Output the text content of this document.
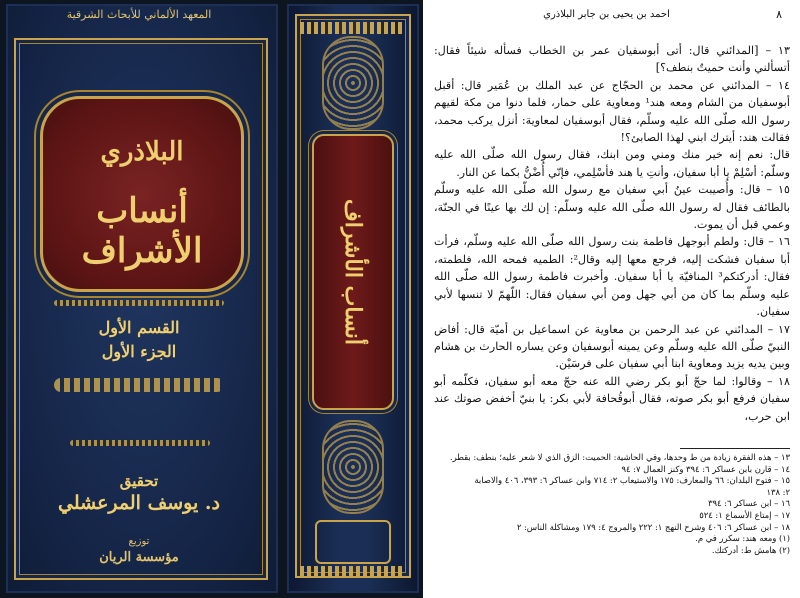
المعهد الألماني للأبحاث الشرقية
البلاذري
أنساب الأشراف
القسم الأول
الجزء الأول
تحقيق
د. يوسف المرعشلي
توزيع
مؤسسة الريان
أنساب الأشراف
٨
احمد بن يحيى بن جابر البلاذري

١٣ – [المدائني قال: أتى أبوسفيان عمر بن الخطاب فسأله شيئاً فقال: أتسألني وأنت حميتٌ بنطف؟]

١٤ – المدائني عن محمد بن الحجّاج عن عبد الملك بن عُمَير قال: أقبل أبوسفيان من الشام ومعه هند¹ ومعاوية على حمار، فلما دنوا من مكة لقيهم رسول الله صلّى الله عليه وسلّم، فقال أبوسفيان لمعاوية: أنزل يركب محمد، فقالت هند: أيترك ابني لهذا الصابئ؟!

قال: نعم إنه خير منك ومني ومن ابنك، فقال رسول الله صلّى الله عليه وسلّم: أسْلِمْ يا أبا سفيان، وأنتِ يا هند فأسْلِمي، فإنّي أُضْنُّ بكما عن النار.

١٥ – قال: وأُصيبت عينُ أبي سفيان مع رسول الله صلّى الله عليه وسلّم بالطائف فقال له رسول الله صلّى الله عليه وسلّم: إن لك بها عينًا في الجنّة، وعمي قبل أن يموت.

١٦ – قال: ولطم أبوجهل فاطمة بنت رسول الله صلّى الله عليه وسلّم، فرأت أبا سفيان فشكت إليه، فرجع معها إليه وقال²: الطميه فمحه الله، فلطمته، فقال: أدركتكم³ المنافيّة يا أبا سفيان. وأخبرت فاطمة رسول الله صلّى الله عليه وسلّم بما كان من أبي جهل ومن أبي سفيان فقال: اللّهمّ لا تنسها لأبي سفيان.

١٧ – المدائني عن عبد الرحمن بن معاوية عن اسماعيل بن أميّة قال: أفاض النبيّ صلّى الله عليه وسلّم وعن يمينه أبوسفيان وعن يساره الحارث بن هشام وبين يديه يزيد ومعاوية ابنا أبي سفيان على فرسَيْن.

١٨ – وقالوا: لما حجّ أبو بكر رضي الله عنه حجّ معه أبو سفيان، فكلّمه أبو سفيان فرفع أبو بكر صوته، فقال أبوقُحافة لأبي بكر: يا بنيّ أخفض صوتك عند ابن حرب،

١٣ – هذه الفقرة زيادة من ط وحدها، وفي الحاشية: الحميت: الزق الذي لا شعر عليه؛ بنطف: بقطر.
١٤ – قارن بابن عساكر ٦: ٣٩٤ وكنز العمال ٧: ٩٤
١٥ – فتوح البلدان: ٦٦ والمعارف: ١٧٥ والاستيعاب ٢: ٧١٤ وابن عساكر ٦: ٣٩٣، ٤٠٦ والاصابة
٢: ١٣٨
١٦ – ابن عساكر ٦: ٣٩٤
١٧ – إمتاع الأسماع ١: ٥٢٤
١٨ – ابن عساكر ٦: ٤٠٦ وشرح النهج ١: ٢٢٢ والمروج ٤: ١٧٩ ومشاكلة الناس: ٢
(١) ومعه هند: سكرر في م.
(٢) هامش ط: أدركتك.
